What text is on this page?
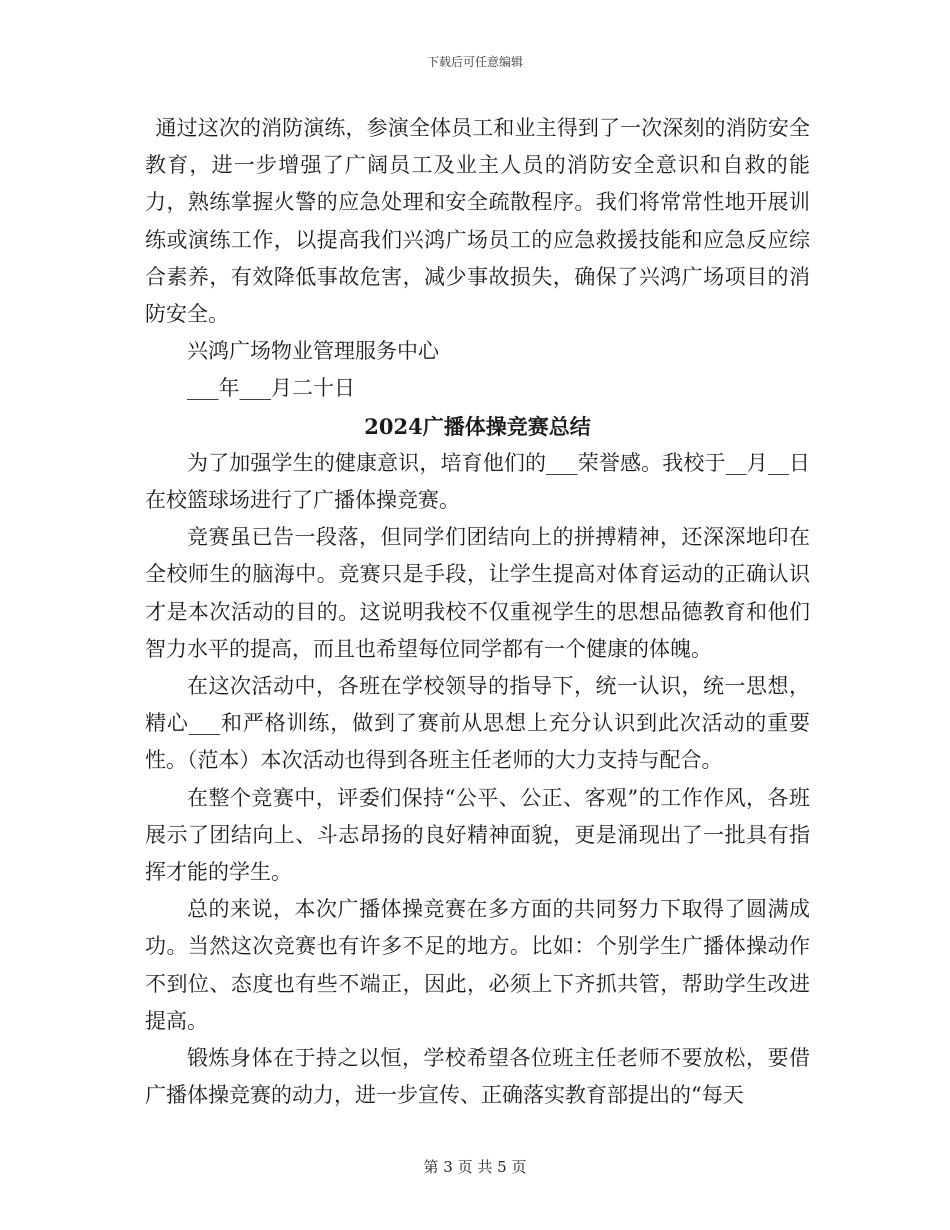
下载后可任意编辑

通过这次的消防演练，参演全体员工和业主得到了一次深刻的消防安全教育，进一步增强了广阔员工及业主人员的消防安全意识和自救的能力，熟练掌握火警的应急处理和安全疏散程序。我们将常常性地开展训练或演练工作，以提高我们兴鸿广场员工的应急救援技能和应急反应综合素养，有效降低事故危害，减少事故损失，确保了兴鸿广场项目的消防安全。

兴鸿广场物业管理服务中心

___年___月二十日

2024广播体操竞赛总结

为了加强学生的健康意识，培育他们的___荣誉感。我校于__月__日在校篮球场进行了广播体操竞赛。

竞赛虽已告一段落，但同学们团结向上的拼搏精神，还深深地印在全校师生的脑海中。竞赛只是手段，让学生提高对体育运动的正确认识才是本次活动的目的。这说明我校不仅重视学生的思想品德教育和他们智力水平的提高，而且也希望每位同学都有一个健康的体魄。

在这次活动中，各班在学校领导的指导下，统一认识，统一思想，精心___和严格训练，做到了赛前从思想上充分认识到此次活动的重要性。（范本）本次活动也得到各班主任老师的大力支持与配合。

在整个竞赛中，评委们保持“公平、公正、客观”的工作作风，各班展示了团结向上、斗志昂扬的良好精神面貌，更是涌现出了一批具有指挥才能的学生。

总的来说，本次广播体操竞赛在多方面的共同努力下取得了圆满成功。当然这次竞赛也有许多不足的地方。比如：个别学生广播体操动作不到位、态度也有些不端正，因此，必须上下齐抓共管，帮助学生改进提高。

锻炼身体在于持之以恒，学校希望各位班主任老师不要放松，要借广播体操竞赛的动力，进一步宣传、正确落实教育部提出的“每天

第 3 页 共 5 页
